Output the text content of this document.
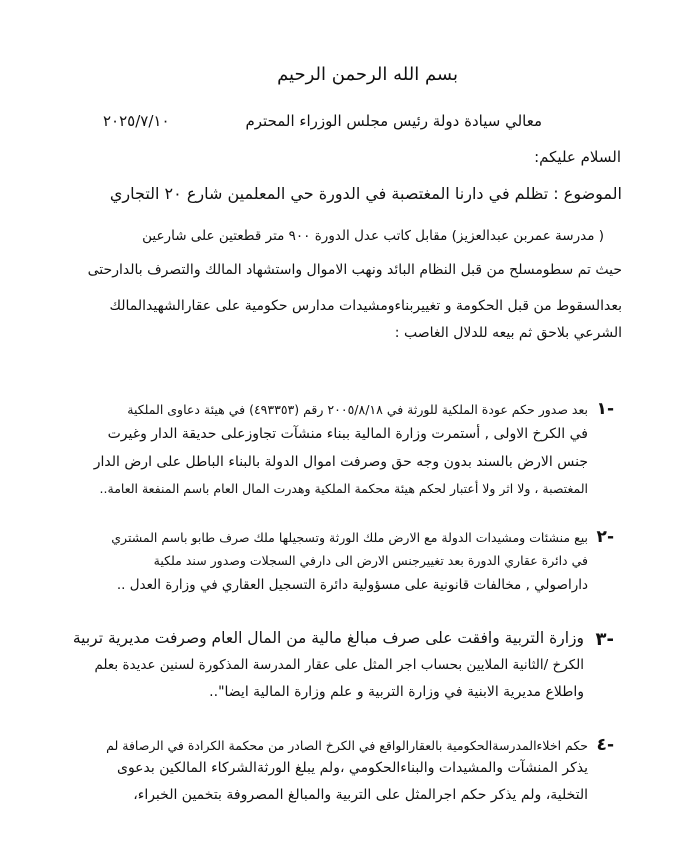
بسم الله الرحمن الرحيم
معالي سيادة دولة رئيس مجلس الوزراء المحترم
٢٠٢٥/٧/١٠
السلام عليكم:
الموضوع : تظلم في دارنا المغتصبة في الدورة حي المعلمين شارع ٢٠ التجاري
( مدرسة عمربن عبدالعزيز) مقابل كاتب عدل الدورة ٩٠٠ متر قطعتين على شارعين
حيث تم سطومسلح من قبل النظام البائد ونهب الاموال واستشهاد المالك والتصرف بالدارحتى
بعدالسقوط من قبل الحكومة و تغييربناءومشيدات مدارس حكومية على عقارالشهيدالمالك
الشرعي بلاحق ثم بيعه للدلال الغاصب :
١-
بعد صدور حكم عودة الملكية للورثة في ٢٠٠٥/٨/١٨ رقم (٤٩٣٣٥٣) في هيئة دعاوى الملكية
في الكرخ الاولى , أستمرت وزارة المالية ببناء منشآت تجاوزعلى حديقة الدار وغيرت
جنس الارض بالسند بدون وجه حق وصرفت اموال الدولة بالبناء الباطل على ارض الدار
المغتصبة ، ولا اثر ولا أعتبار لحكم هيئة محكمة الملكية وهدرت المال العام باسم المنفعة العامة..
٢-
بيع منشئات ومشيدات الدولة مع الارض ملك الورثة وتسجيلها ملك صرف طابو باسم المشتري
في دائرة عقاري الدورة بعد تغييرجنس الارض الى دارفي السجلات وصدور سند ملكية
داراصولي , مخالفات قانونية على مسؤولية دائرة التسجيل العقاري في وزارة العدل ..
٣-
وزارة التربية وافقت على صرف مبالغ مالية من المال العام وصرفت مديرية تربية
الكرخ /الثانية الملايين بحساب اجر المثل على عقار المدرسة المذكورة لسنين عديدة بعلم
واطلاع مديرية الابنية في وزارة التربية و علم وزارة المالية ايضا"..
٤-
حكم اخلاءالمدرسةالحكومية بالعقارالواقع في الكرخ الصادر من محكمة الكرادة في الرصافة لم
يذكر المنشآت والمشيدات والبناءالحكومي ،ولم يبلغ الورثةالشركاء المالكين بدعوى
التخلية، ولم يذكر حكم اجرالمثل على التربية والمبالغ المصروفة بتخمين الخبراء،
